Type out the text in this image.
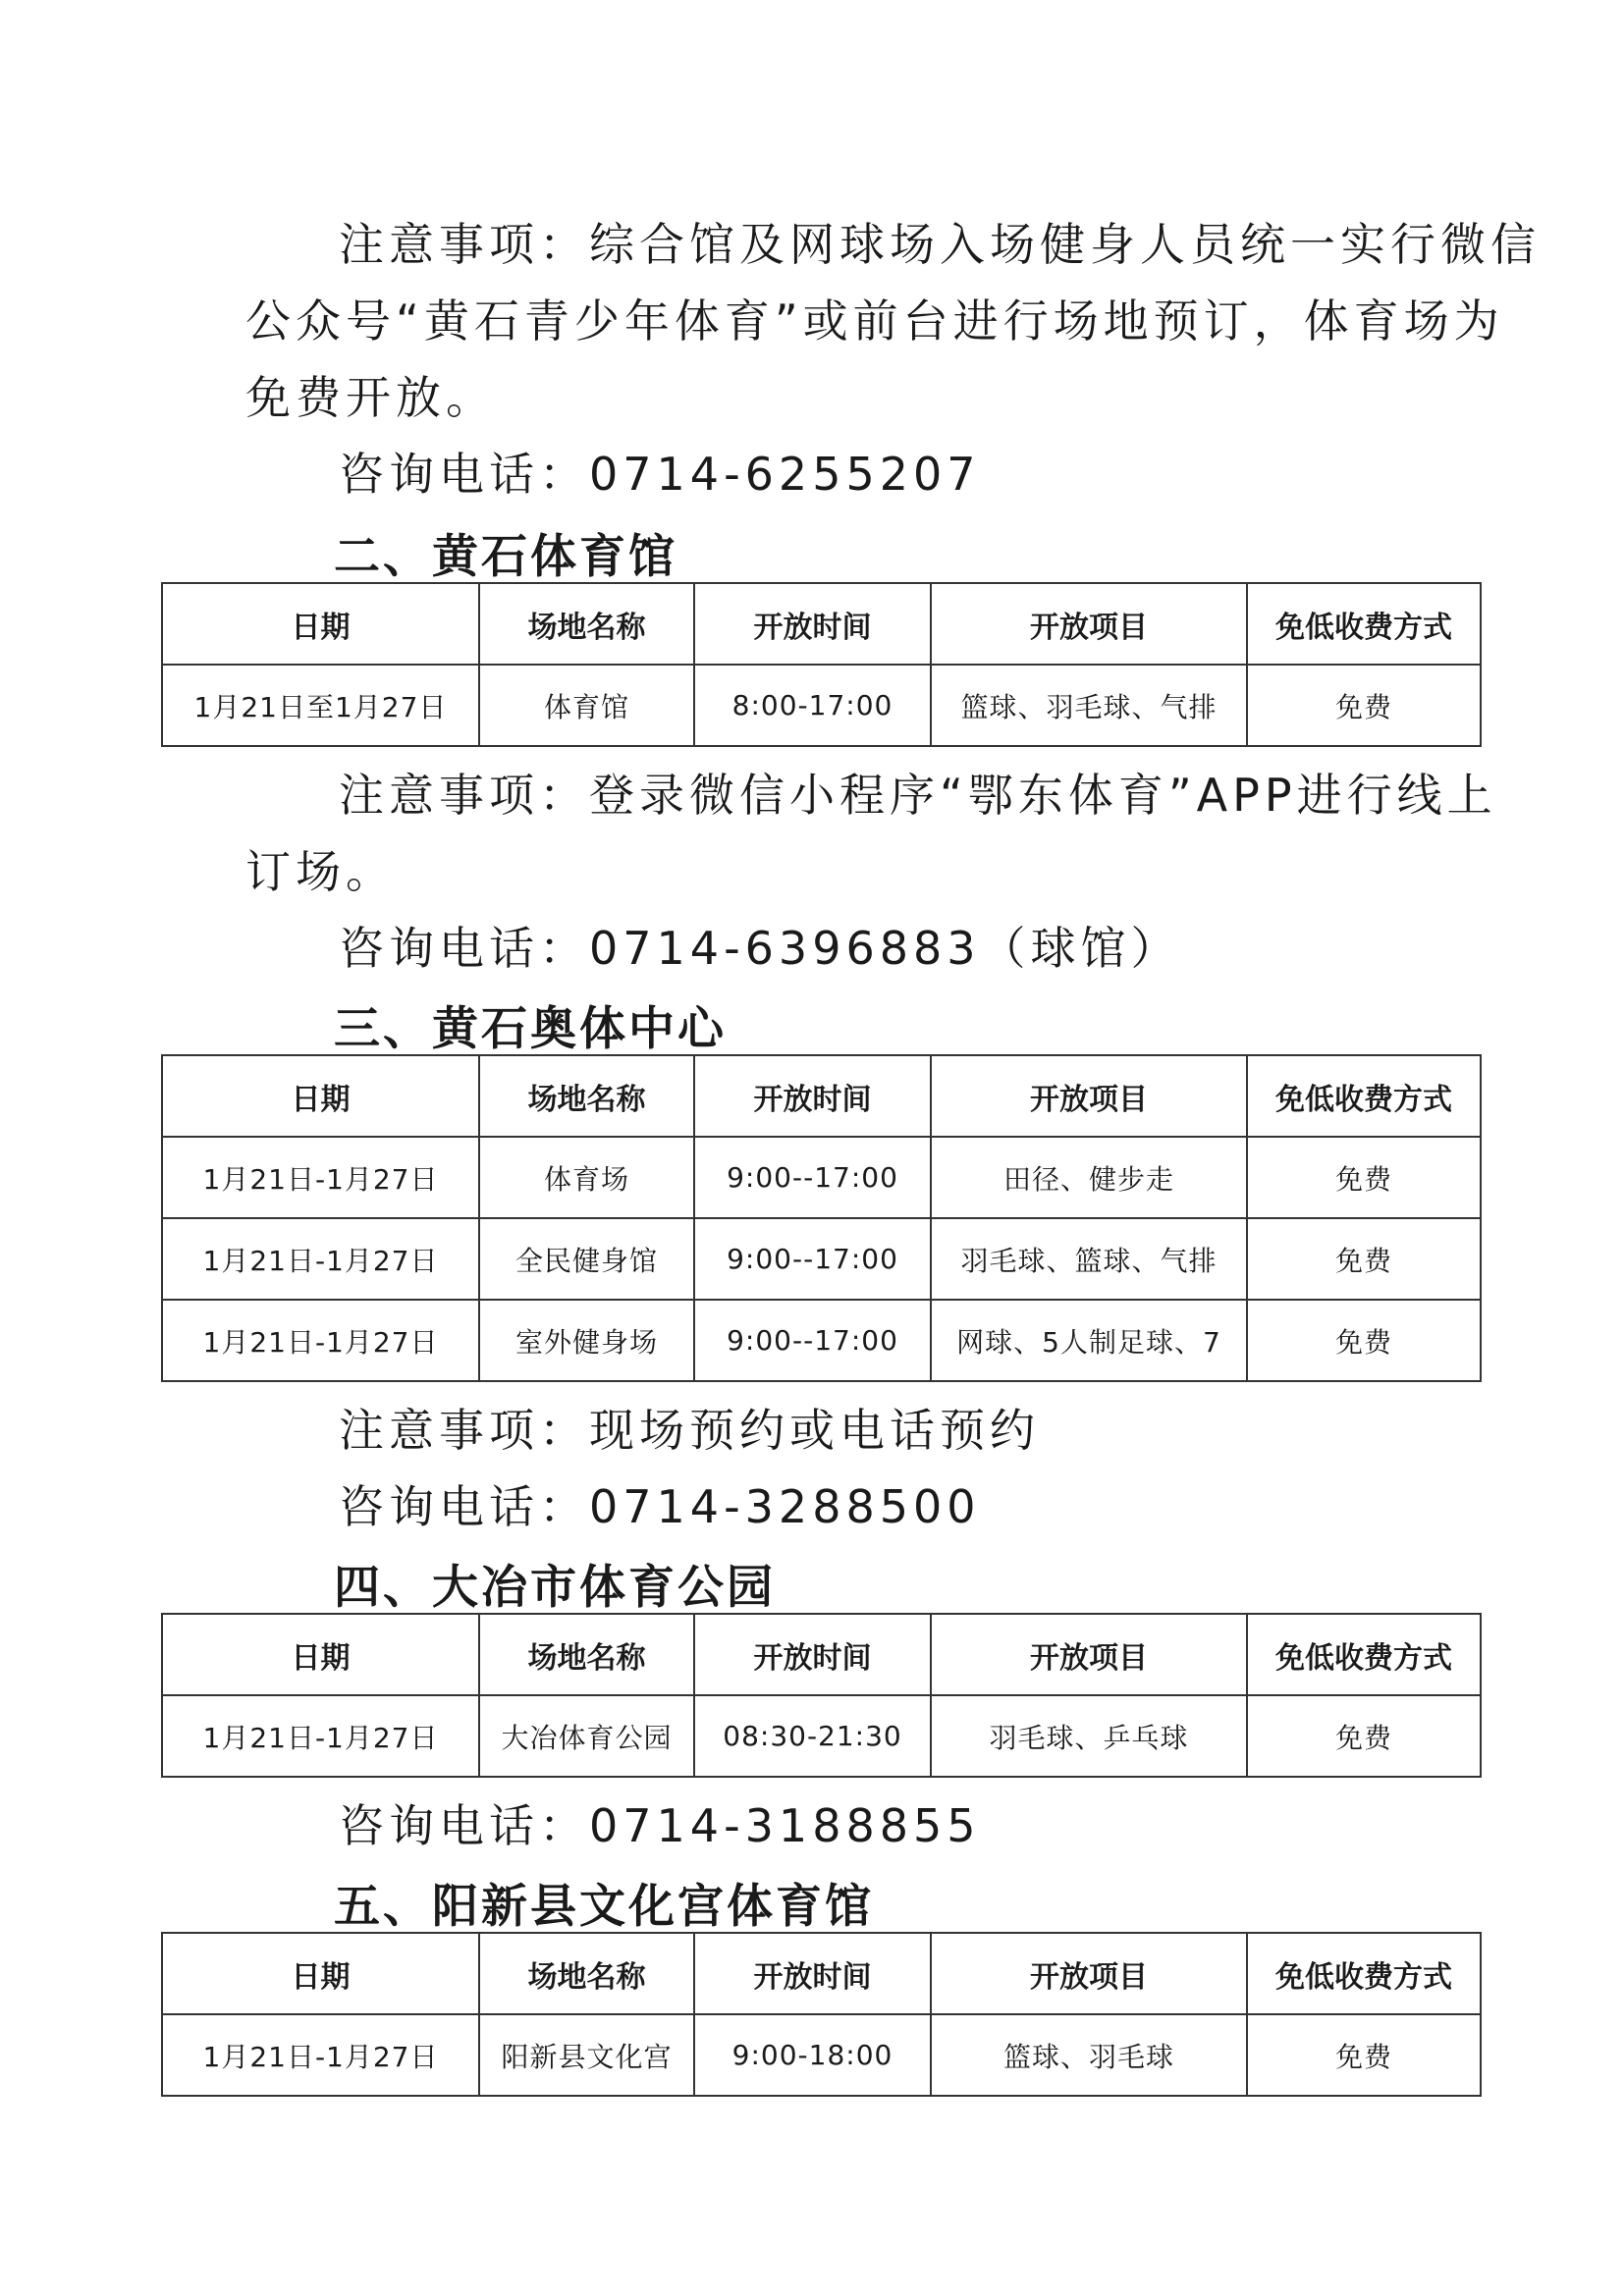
注意事项：综合馆及网球场入场健身人员统一实行微信

公众号“黄石青少年体育”或前台进行场地预订，体育场为

免费开放。

咨询电话：0714-6255207

二、黄石体育馆
日期	场地名称	开放时间	开放项目	免低收费方式
1月21日至1月27日	体育馆	8:00-17:00	篮球、羽毛球、气排	免费

注意事项：登录微信小程序“鄂东体育”APP进行线上

订场。

咨询电话：0714-6396883（球馆）

三、黄石奥体中心
日期	场地名称	开放时间	开放项目	免低收费方式
1月21日-1月27日	体育场	9:00--17:00	田径、健步走	免费
1月21日-1月27日	全民健身馆	9:00--17:00	羽毛球、篮球、气排	免费
1月21日-1月27日	室外健身场	9:00--17:00	网球、5人制足球、7	免费

注意事项：现场预约或电话预约

咨询电话：0714-3288500

四、大冶市体育公园
日期	场地名称	开放时间	开放项目	免低收费方式
1月21日-1月27日	大冶体育公园	08:30-21:30	羽毛球、乒乓球	免费

咨询电话：0714-3188855

五、阳新县文化宫体育馆
日期	场地名称	开放时间	开放项目	免低收费方式
1月21日-1月27日	阳新县文化宫	9:00-18:00	篮球、羽毛球	免费
